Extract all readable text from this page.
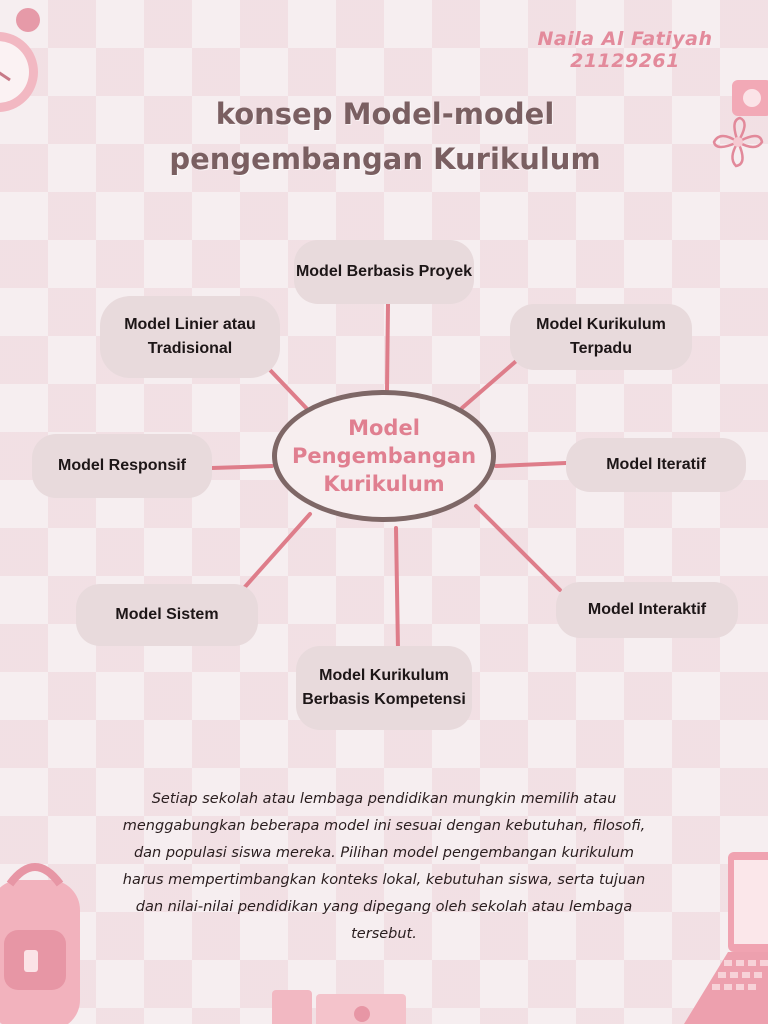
Naila Al Fatiyah
21129261
konsep Model-model
pengembangan Kurikulum
Model
Pengembangan
Kurikulum
Model Berbasis Proyek
Model Linier atau Tradisional
Model Kurikulum Terpadu
Model Responsif	Model Iteratif
Model Sistem	Model Interaktif
Model Kurikulum Berbasis Kompetensi
Setiap sekolah atau lembaga pendidikan mungkin memilih atau menggabungkan beberapa model ini sesuai dengan kebutuhan, filosofi, dan populasi siswa mereka. Pilihan model pengembangan kurikulum harus mempertimbangkan konteks lokal, kebutuhan siswa, serta tujuan dan nilai-nilai pendidikan yang dipegang oleh sekolah atau lembaga tersebut.
